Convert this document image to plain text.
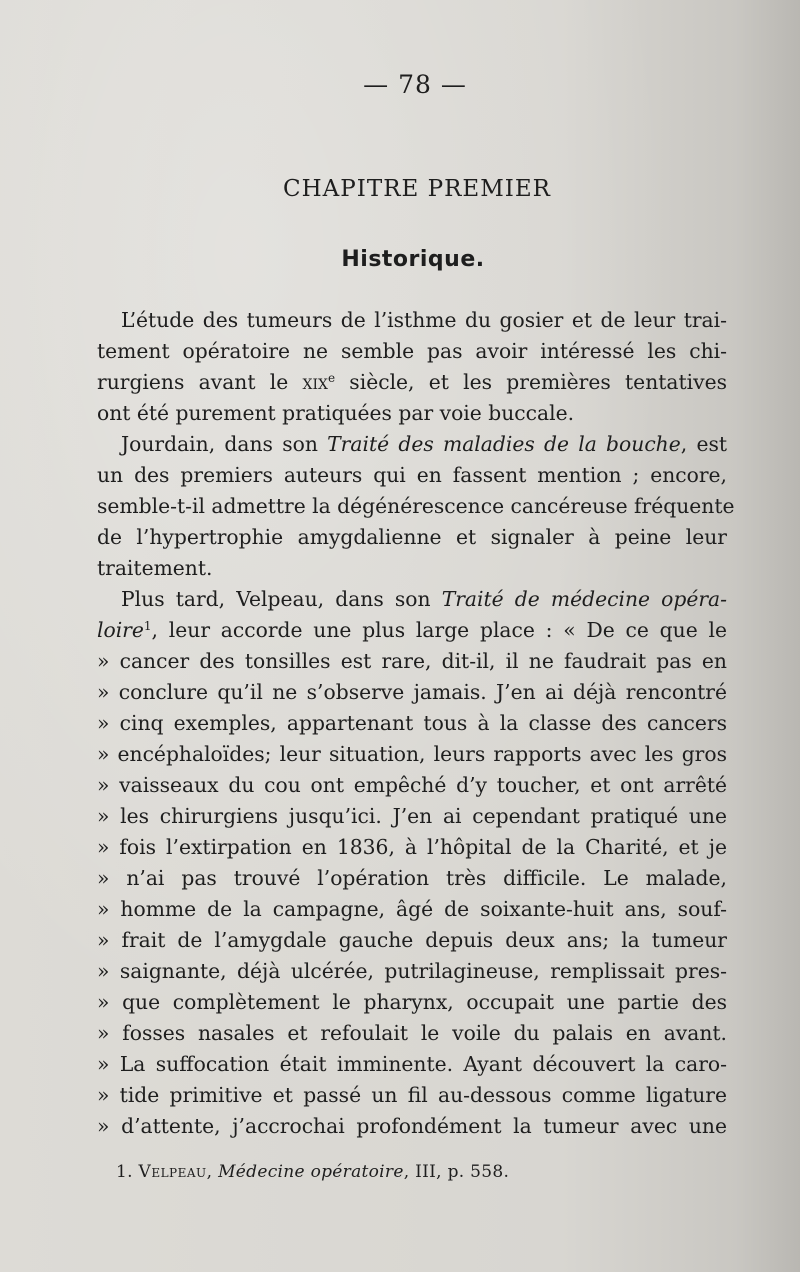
— 78 —
CHAPITRE PREMIER
Historique.
L’étude des tumeurs de l’isthme du gosier et de leur trai-
tement opératoire ne semble pas avoir intéressé les chi-
rurgiens avant le xix$^e$ siècle, et les premières tentatives
ont été purement pratiquées par voie buccale.
Jourdain, dans son Traité des maladies de la bouche, est
un des premiers auteurs qui en fassent mention ; encore,
semble-t-il admettre la dégénérescence cancéreuse fréquente
de l’hypertrophie amygdalienne et signaler à peine leur
traitement.
Plus tard, Velpeau, dans son Traité de médecine opéra-
loire$^1$, leur accorde une plus large place : « De ce que le
» cancer des tonsilles est rare, dit-il, il ne faudrait pas en
» conclure qu’il ne s’observe jamais. J’en ai déjà rencontré
» cinq exemples, appartenant tous à la classe des cancers
» encéphaloïdes; leur situation, leurs rapports avec les gros
» vaisseaux du cou ont empêché d’y toucher, et ont arrêté
» les chirurgiens jusqu’ici. J’en ai cependant pratiqué une
» fois l’extirpation en 1836, à l’hôpital de la Charité, et je
» n’ai pas trouvé l’opération très difficile. Le malade,
» homme de la campagne, âgé de soixante-huit ans, souf-
» frait de l’amygdale gauche depuis deux ans; la tumeur
» saignante, déjà ulcérée, putrilagineuse, remplissait pres-
» que complètement le pharynx, occupait une partie des
» fosses nasales et refoulait le voile du palais en avant.
» La suffocation était imminente. Ayant découvert la caro-
» tide primitive et passé un fil au-dessous comme ligature
» d’attente, j’accrochai profondément la tumeur avec une
1. Velpeau, Médecine opératoire, III, p. 558.
